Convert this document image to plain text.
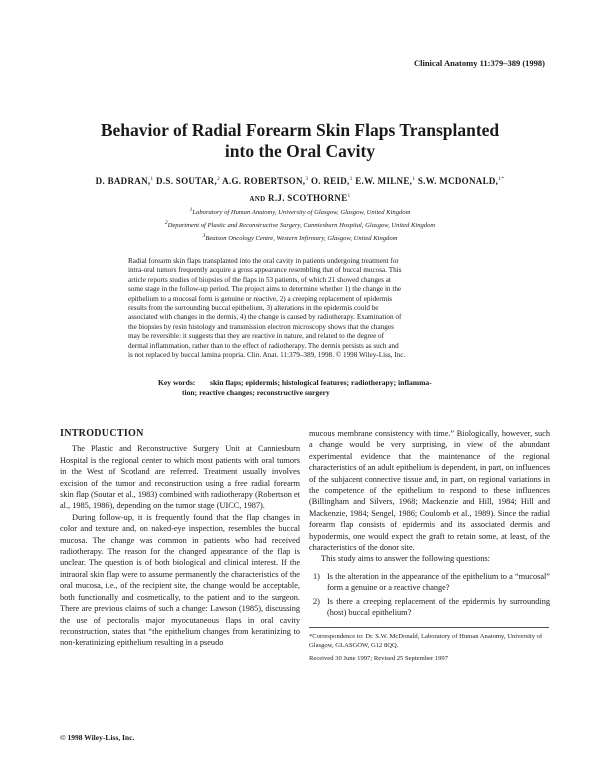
Clinical Anatomy 11:379–389 (1998)
Behavior of Radial Forearm Skin Flaps Transplanted
into the Oral Cavity
D. BADRAN,$^1$ D.S. SOUTAR,$^2$ A.G. ROBERTSON,$^3$ O. REID,$^1$ E.W. MILNE,$^1$ S.W. MCDONALD,$^{1*}$
AND R.J. SCOTHORNE$^1$
$^1$Laboratory of Human Anatomy, University of Glasgow, Glasgow, United Kingdom
$^2$Department of Plastic and Reconstructive Surgery, Canniesburn Hospital, Glasgow, United Kingdom
$^3$Beatson Oncology Centre, Western Infirmary, Glasgow, United Kingdom
Radial forearm skin flaps transplanted into the oral cavity in patients undergoing treatment for
intra-oral tumors frequently acquire a gross appearance resembling that of buccal mucosa. This
article reports studies of biopsies of the flaps in 53 patients, of which 21 showed changes at
some stage in the follow-up period. The project aims to determine whether 1) the change in the
epithelium to a mucosal form is genuine or reactive, 2) a creeping replacement of epidermis
results from the surrounding buccal epithelium, 3) alterations in the epidermis could be
associated with changes in the dermis, 4) the change is caused by radiotherapy. Examination of
the biopsies by resin histology and transmission electron microscopy shows that the changes
may be reversible: it suggests that they are reactive in nature, and related to the degree of
dermal inflammation, rather than to the effect of radiotherapy. The dermis persists as such and
is not replaced by buccal lamina propria. Clin. Anat. 11:379–389, 1998. © 1998 Wiley-Liss, Inc.
Key words: skin flaps; epidermis; histological features; radiotherapy; inflamma-
tion; reactive changes; reconstructive surgery
INTRODUCTION

The Plastic and Reconstructive Surgery Unit at Canniesburn Hospital is the regional center to which most patients with oral tumors in the West of Scotland are referred. Treatment usually involves excision of the tumor and reconstruction using a free radial forearm skin flap (Soutar et al., 1983) combined with radiotherapy (Robertson et al., 1985, 1986), depending on the tumor stage (UICC, 1987).

During follow-up, it is frequently found that the flap changes in color and texture and, on naked-eye inspection, resembles the buccal mucosa. The change was common in patients who had received radiotherapy. The reason for the changed appearance of the flap is unclear. The question is of both biological and clinical interest. If the intraoral skin flap were to assume permanently the characteristics of the oral mucosa, i.e., of the recipient site, the change would be acceptable, both functionally and cosmetically, to the patient and to the surgeon. There are previous claims of such a change: Lawson (1985), discussing the use of pectoralis major myocutaneous flaps in oral cavity reconstruction, states that “the epithelium changes from keratinizing to non-keratinizing epithelium resulting in a pseudo

mucous membrane consistency with time.” Biologically, however, such a change would be very surprising, in view of the abundant experimental evidence that the maintenance of the regional characteristics of an adult epithelium is dependent, in part, on influences of the subjacent connective tissue and, in part, on regional variations in the competence of the epithelium to respond to these influences (Billingham and Silvers, 1968; Mackenzie and Hill, 1984; Hill and Mackenzie, 1984; Sengel, 1986; Coulomb et al., 1989). Since the radial forearm flap consists of epidermis and its associated dermis and hypodermis, one would expect the graft to retain some, at least, of the characteristics of the donor site.

This study aims to answer the following questions:

1) Is the alteration in the appearance of the epithelium to a “mucosal” form a genuine or a reactive change?
2) Is there a creeping replacement of the epidermis by surrounding (host) buccal epithelium?
*Correspondence to: Dr. S.W. McDonald, Laboratory of Human Anatomy, University of Glasgow, GLASGOW, G12 8QQ.
Received 30 June 1997; Revised 25 September 1997
© 1998 Wiley-Liss, Inc.
